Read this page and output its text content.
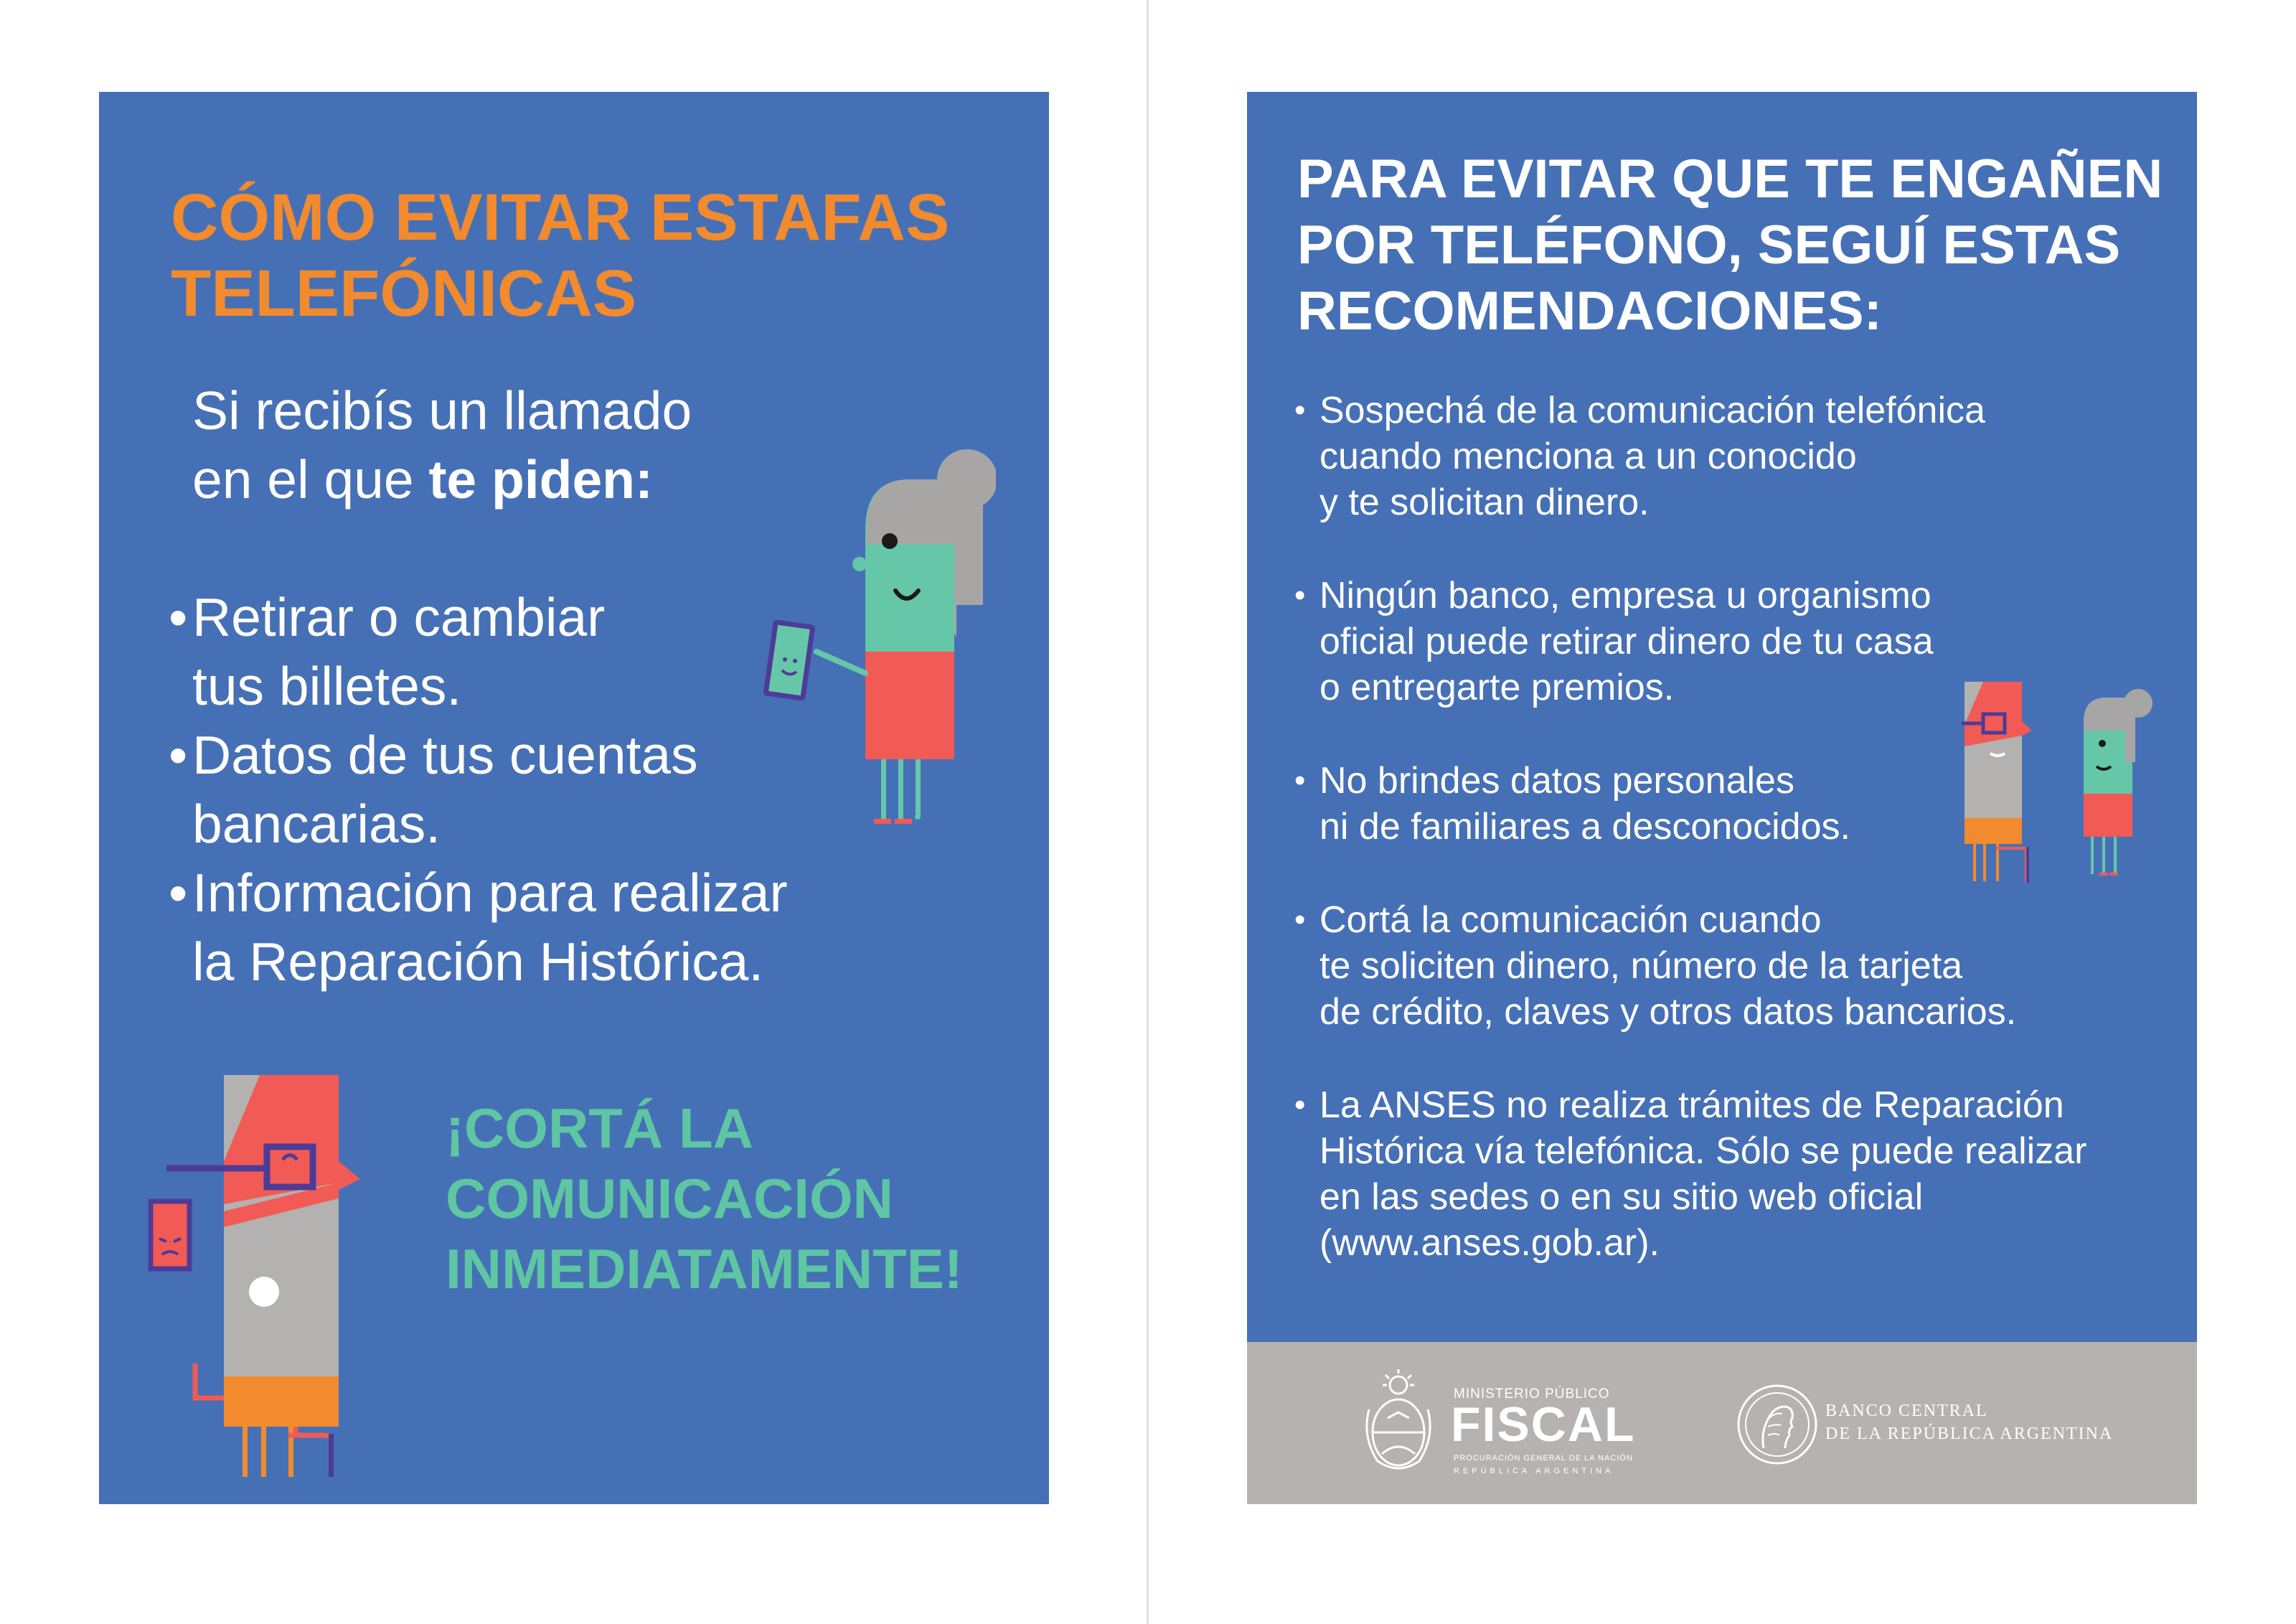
CÓMO EVITAR ESTAFAS
TELEFÓNICAS
Si recibís un llamado
en el que te piden:
• Retirar o cambiar
tus billetes.
• Datos de tus cuentas
bancarias.
• Información para realizar
la Reparación Histórica.
¡CORTÁ LA
COMUNICACIÓN
INMEDIATAMENTE!
PARA EVITAR QUE TE ENGAÑEN
POR TELÉFONO, SEGUÍ ESTAS
RECOMENDACIONES:
• Sospechá de la comunicación telefónica
cuando menciona a un conocido
y te solicitan dinero.
• Ningún banco, empresa u organismo
oficial puede retirar dinero de tu casa
o entregarte premios.
• No brindes datos personales
ni de familiares a desconocidos.
• Cortá la comunicación cuando
te soliciten dinero, número de la tarjeta
de crédito, claves y otros datos bancarios.
• La ANSES no realiza trámites de Reparación
Histórica vía telefónica. Sólo se puede realizar
en las sedes o en su sitio web oficial
(www.anses.gob.ar).
MINISTERIO PÚBLICO
FISCAL
PROCURACIÓN GENERAL DE LA NACIÓN
REPÚBLICA ARGENTINA
BANCO CENTRAL
DE LA REPÚBLICA ARGENTINA
